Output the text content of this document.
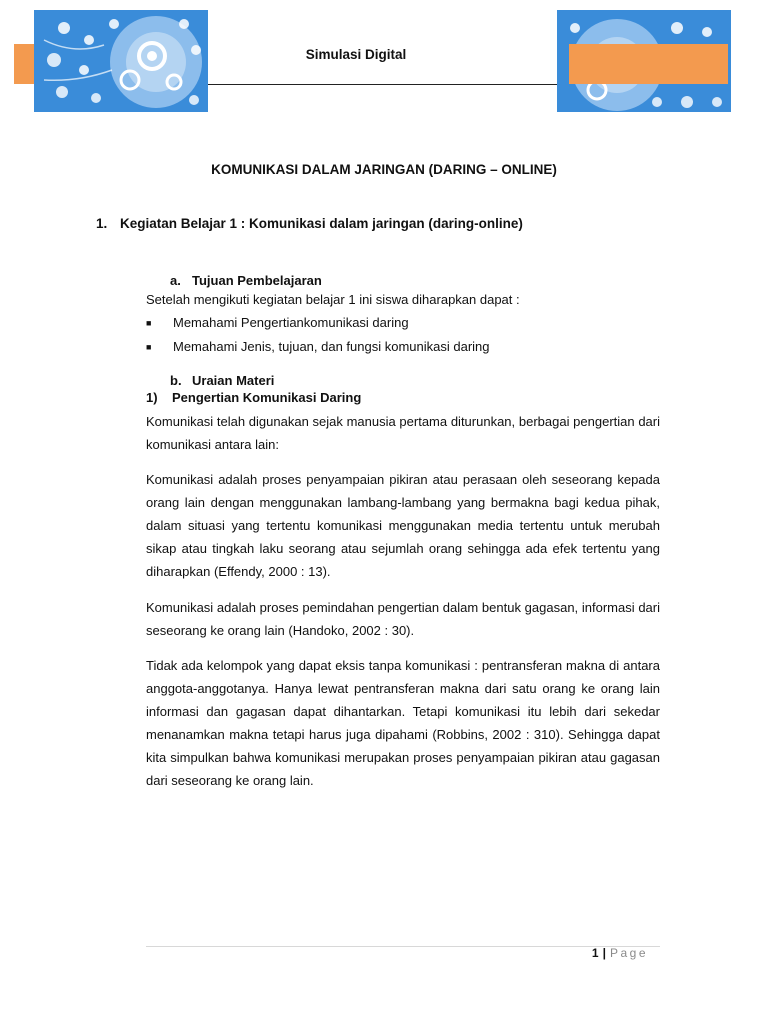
Simulasi Digital
KOMUNIKASI DALAM JARINGAN (DARING – ONLINE)
1. Kegiatan Belajar 1 : Komunikasi dalam jaringan (daring-online)
a. Tujuan Pembelajaran
Setelah mengikuti kegiatan belajar 1 ini siswa diharapkan dapat :
■ Memahami Pengertiankomunikasi daring
■ Memahami Jenis, tujuan, dan fungsi komunikasi daring
b. Uraian Materi
1) Pengertian Komunikasi Daring

Komunikasi telah digunakan sejak manusia pertama diturunkan, berbagai pengertian dari komunikasi antara lain:

Komunikasi adalah proses penyampaian pikiran atau perasaan oleh seseorang kepada orang lain dengan menggunakan lambang-lambang yang bermakna bagi kedua pihak, dalam situasi yang tertentu komunikasi menggunakan media tertentu untuk merubah sikap atau tingkah laku seorang atau sejumlah orang sehingga ada efek tertentu yang diharapkan (Effendy, 2000 : 13).

Komunikasi adalah proses pemindahan pengertian dalam bentuk gagasan, informasi dari seseorang ke orang lain (Handoko, 2002 : 30).

Tidak ada kelompok yang dapat eksis tanpa komunikasi : pentransferan makna di antara anggota-anggotanya. Hanya lewat pentransferan makna dari satu orang ke orang lain informasi dan gagasan dapat dihantarkan. Tetapi komunikasi itu lebih dari sekedar menanamkan makna tetapi harus juga dipahami (Robbins, 2002 : 310). Sehingga dapat kita simpulkan bahwa komunikasi merupakan proses penyampaian pikiran atau gagasan dari seseorang ke orang lain.

1 | Page
